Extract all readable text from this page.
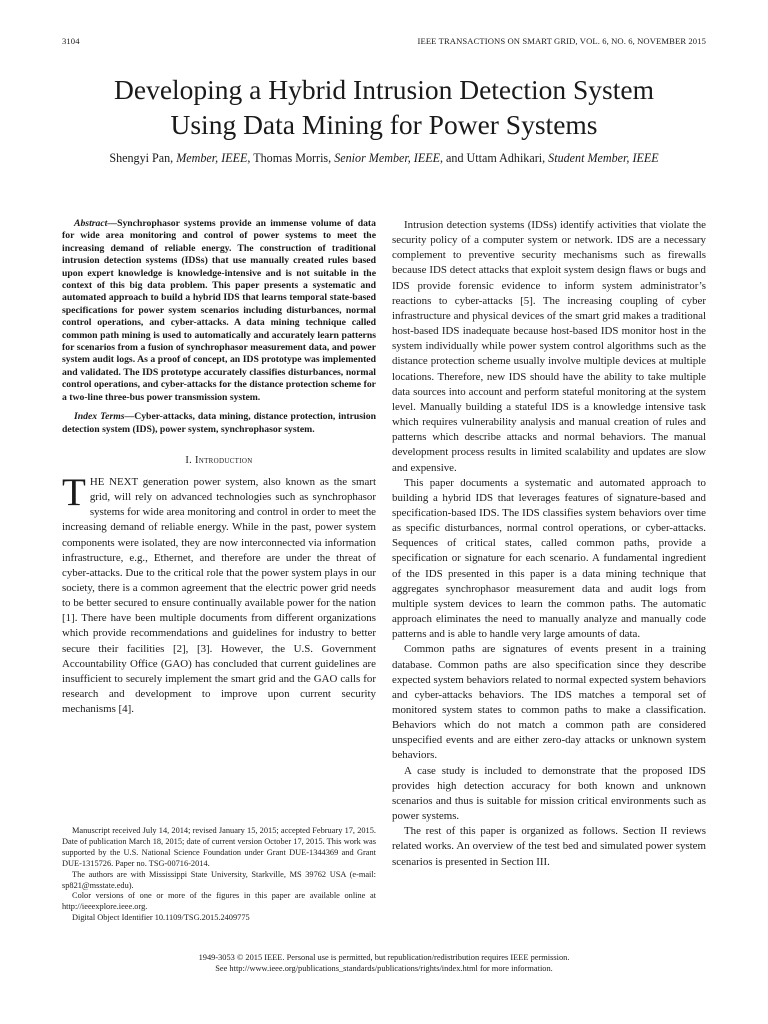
3104	IEEE TRANSACTIONS ON SMART GRID, VOL. 6, NO. 6, NOVEMBER 2015
Developing a Hybrid Intrusion Detection System
Using Data Mining for Power Systems
Shengyi Pan, Member, IEEE, Thomas Morris, Senior Member, IEEE, and Uttam Adhikari, Student Member, IEEE

Abstract—Synchrophasor systems provide an immense volume of data for wide area monitoring and control of power systems to meet the increasing demand of reliable energy. The construction of traditional intrusion detection systems (IDSs) that use manually created rules based upon expert knowledge is knowledge-intensive and is not suitable in the context of this big data problem. This paper presents a systematic and automated approach to build a hybrid IDS that learns temporal state-based specifications for power system scenarios including disturbances, normal control operations, and cyber-attacks. A data mining technique called common path mining is used to automatically and accurately learn patterns for scenarios from a fusion of synchrophasor measurement data, and power system audit logs. As a proof of concept, an IDS prototype was implemented and validated. The IDS prototype accurately classifies disturbances, normal control operations, and cyber-attacks for the distance protection scheme for a two-line three-bus power transmission system.

Index Terms—Cyber-attacks, data mining, distance protection, intrusion detection system (IDS), power system, synchrophasor system.

I. Introduction

THE NEXT generation power system, also known as the smart grid, will rely on advanced technologies such as synchrophasor systems for wide area monitoring and control in order to meet the increasing demand of reliable energy. While in the past, power system components were isolated, they are now interconnected via information infrastructure, e.g., Ethernet, and therefore are under the threat of cyber-attacks. Due to the critical role that the power system plays in our society, there is a common agreement that the electric power grid needs to be better secured to ensure continually available power for the nation [1]. There have been multiple documents from different organizations which provide recommendations and guidelines for industry to better secure their facilities [2], [3]. However, the U.S. Government Accountability Office (GAO) has concluded that current guidelines are insufficient to securely implement the smart grid and the GAO calls for research and development to improve upon current security mechanisms [4].

Manuscript received July 14, 2014; revised January 15, 2015; accepted February 17, 2015. Date of publication March 18, 2015; date of current version October 17, 2015. This work was supported by the U.S. National Science Foundation under Grant DUE-1344369 and Grant DUE-1315726. Paper no. TSG-00716-2014.

The authors are with Mississippi State University, Starkville, MS 39762 USA (e-mail: sp821@msstate.edu).

Color versions of one or more of the figures in this paper are available online at http://ieeexplore.ieee.org.

Digital Object Identifier 10.1109/TSG.2015.2409775

Intrusion detection systems (IDSs) identify activities that violate the security policy of a computer system or network. IDS are a necessary complement to preventive security mechanisms such as firewalls because IDS detect attacks that exploit system design flaws or bugs and IDS provide forensic evidence to inform system administrator’s reactions to cyber-attacks [5]. The increasing coupling of cyber infrastructure and physical devices of the smart grid makes a traditional host-based IDS inadequate because host-based IDS monitor host in the system individually while power system control algorithms such as the distance protection scheme usually involve multiple devices at multiple locations. Therefore, new IDS should have the ability to take multiple data sources into account and perform stateful monitoring at the system level. Manually building a stateful IDS is a knowledge intensive task which requires vulnerability analysis and manual creation of rules and patterns which describe attacks and normal behaviors. The manual development process results in limited scalability and updates are slow and expensive.

This paper documents a systematic and automated approach to building a hybrid IDS that leverages features of signature-based and specification-based IDS. The IDS classifies system behaviors over time as specific disturbances, normal control operations, or cyber-attacks. Sequences of critical states, called common paths, provide a specification or signature for each scenario. A fundamental ingredient of the IDS presented in this paper is a data mining technique that aggregates synchrophasor measurement data and audit logs from multiple system devices to learn the common paths. The automatic approach eliminates the need to manually analyze and manually code patterns and is able to handle very large amounts of data.

Common paths are signatures of events present in a training database. Common paths are also specification since they describe expected system behaviors related to normal expected system behaviors and cyber-attacks behaviors. The IDS matches a temporal set of monitored system states to common paths to make a classification. Behaviors which do not match a common path are considered unspecified events and are either zero-day attacks or unknown system behaviors.

A case study is included to demonstrate that the proposed IDS provides high detection accuracy for both known and unknown scenarios and thus is suitable for mission critical environments such as power systems.

The rest of this paper is organized as follows. Section II reviews related works. An overview of the test bed and simulated power system scenarios is presented in Section III.

1949-3053 © 2015 IEEE. Personal use is permitted, but republication/redistribution requires IEEE permission.
See http://www.ieee.org/publications_standards/publications/rights/index.html for more information.
